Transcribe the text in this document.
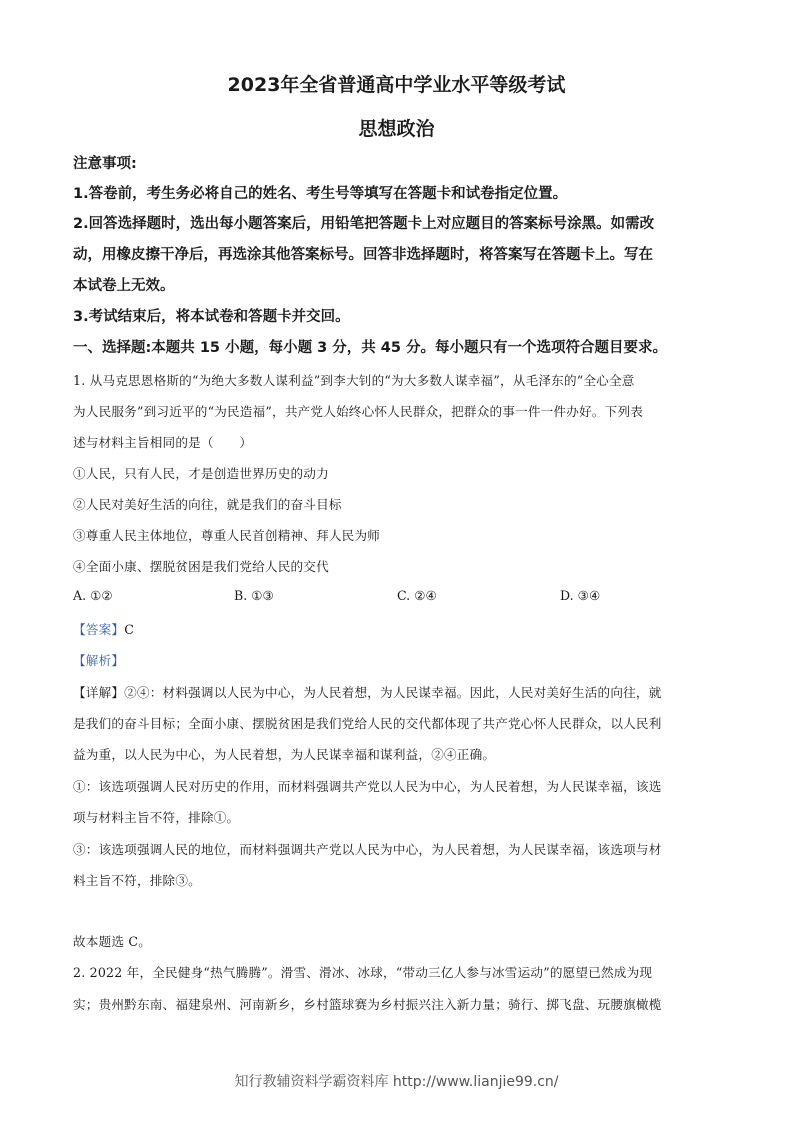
2023年全省普通高中学业水平等级考试
思想政治
注意事项:
1.答卷前，考生务必将自己的姓名、考生号等填写在答题卡和试卷指定位置。
2.回答选择题时，选出每小题答案后，用铅笔把答题卡上对应题目的答案标号涂黑。如需改
动，用橡皮擦干净后，再选涂其他答案标号。回答非选择题时，将答案写在答题卡上。写在
本试卷上无效。
3.考试结束后，将本试卷和答题卡并交回。
一、选择题:本题共 15 小题，每小题 3 分，共 45 分。每小题只有一个选项符合题目要求。
1. 从马克思恩格斯的“为绝大多数人谋利益”到李大钊的“为大多数人谋幸福”，从毛泽东的“全心全意
为人民服务”到习近平的“为民造福”，共产党人始终心怀人民群众，把群众的事一件一件办好。下列表
述与材料主旨相同的是（　　）
①人民，只有人民，才是创造世界历史的动力
②人民对美好生活的向往，就是我们的奋斗目标
③尊重人民主体地位，尊重人民首创精神、拜人民为师
④全面小康、摆脱贫困是我们党给人民的交代
A. ①②	B. ①③	C. ②④	D. ③④
【答案】C
【解析】
【详解】②④：材料强调以人民为中心，为人民着想，为人民谋幸福。因此，人民对美好生活的向往，就
是我们的奋斗目标；全面小康、摆脱贫困是我们党给人民的交代都体现了共产党心怀人民群众，以人民利
益为重，以人民为中心，为人民着想，为人民谋幸福和谋利益，②④正确。
①：该选项强调人民对历史的作用，而材料强调共产党以人民为中心，为人民着想，为人民谋幸福，该选
项与材料主旨不符，排除①。
③：该选项强调人民的地位，而材料强调共产党以人民为中心，为人民着想，为人民谋幸福，该选项与材
料主旨不符，排除③。
故本题选 C。
2. 2022 年，全民健身“热气腾腾”。滑雪、滑冰、冰球，“带动三亿人参与冰雪运动”的愿望已然成为现
实；贵州黔东南、福建泉州、河南新乡，乡村篮球赛为乡村振兴注入新力量；骑行、掷飞盘、玩腰旗橄榄
知行教辅资料学霸资料库 http://www.lianjie99.cn/
